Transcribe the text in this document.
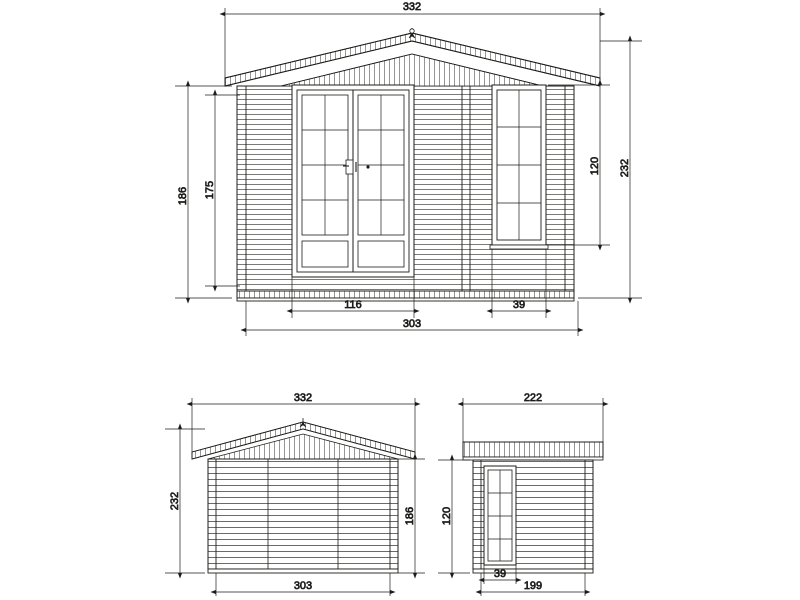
332
186 175
232
120
116	39
303
332
232
186
303
222
120
39
199
